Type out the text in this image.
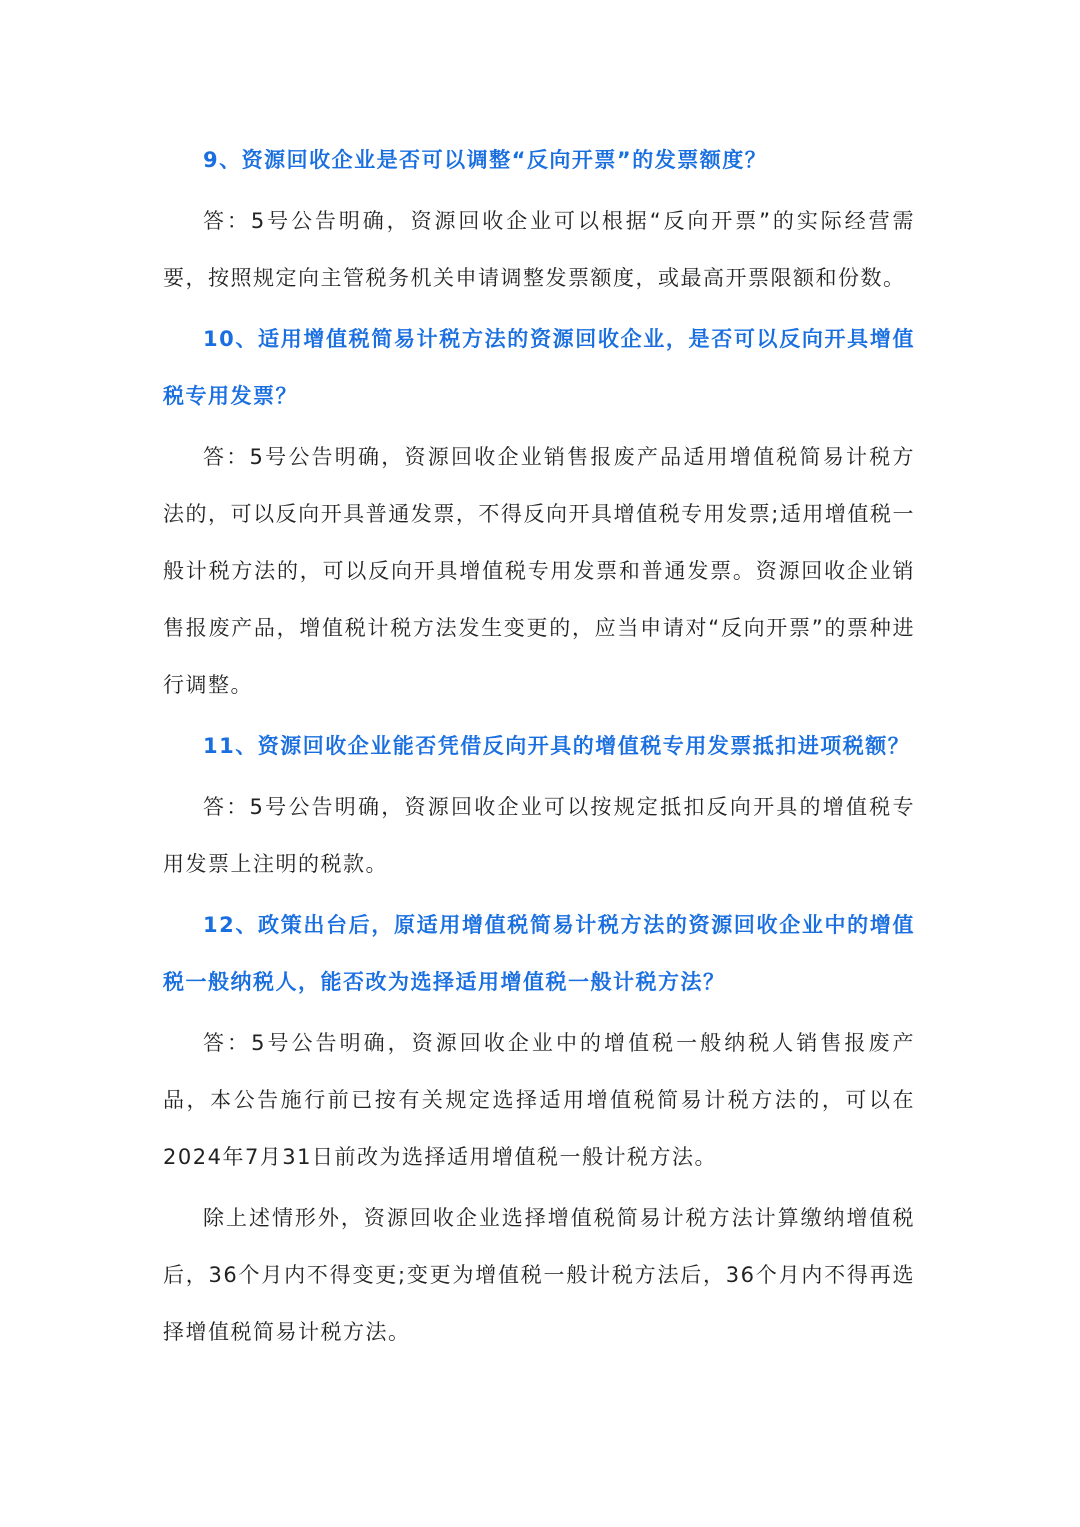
9、资源回收企业是否可以调整“反向开票”的发票额度？

答：5号公告明确，资源回收企业可以根据“反向开票”的实际经营需要，按照规定向主管税务机关申请调整发票额度，或最高开票限额和份数。

10、适用增值税简易计税方法的资源回收企业，是否可以反向开具增值税专用发票？

答：5号公告明确，资源回收企业销售报废产品适用增值税简易计税方法的，可以反向开具普通发票，不得反向开具增值税专用发票;适用增值税一般计税方法的，可以反向开具增值税专用发票和普通发票。资源回收企业销售报废产品，增值税计税方法发生变更的，应当申请对“反向开票”的票种进行调整。

11、资源回收企业能否凭借反向开具的增值税专用发票抵扣进项税额？

答：5号公告明确，资源回收企业可以按规定抵扣反向开具的增值税专用发票上注明的税款。

12、政策出台后，原适用增值税简易计税方法的资源回收企业中的增值税一般纳税人，能否改为选择适用增值税一般计税方法？

答：5号公告明确，资源回收企业中的增值税一般纳税人销售报废产品，本公告施行前已按有关规定选择适用增值税简易计税方法的，可以在2024年7月31日前改为选择适用增值税一般计税方法。

除上述情形外，资源回收企业选择增值税简易计税方法计算缴纳增值税后，36个月内不得变更;变更为增值税一般计税方法后，36个月内不得再选择增值税简易计税方法。
